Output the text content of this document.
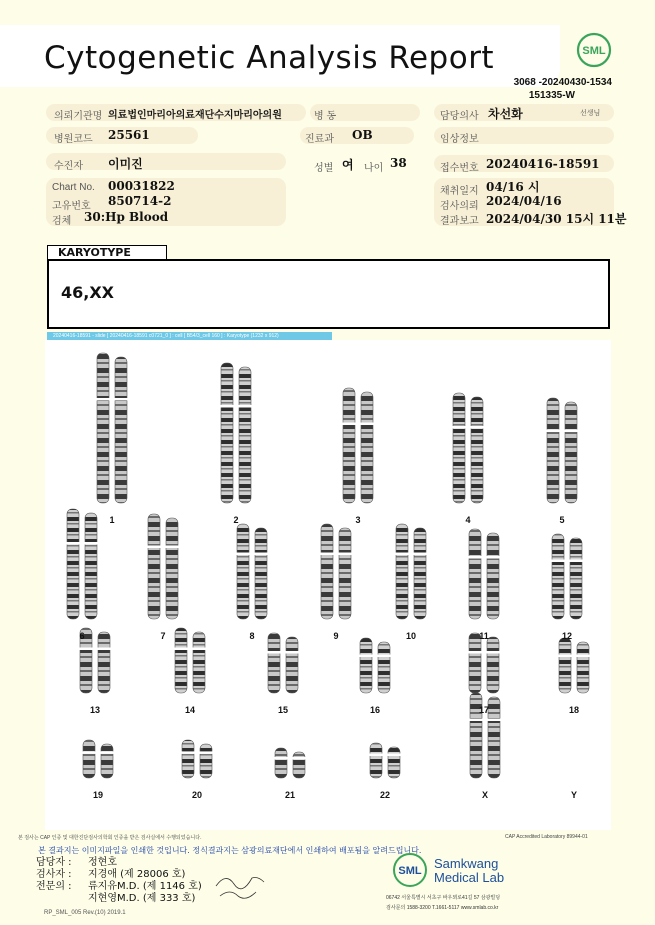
Cytogenetic Analysis Report	SML
3068 -20240430-1534
151335-W
의뢰기관명 의료법인마리아의료재단수지마리아의원	병 동	담당의사 차선화	선생님
병원코드 25561	진료과 OB	임상정보
수진자 이미진	성별 여 나이 38	접수번호 20240416-18591
Chart No. 00031822
고유번호 850714-2
검체 30:Hp Blood
채취일지 04/16 시
검사의뢰 2024/04/16
결과보고 2024/04/30 15시 11분
KARYOTYPE
46,XX
20240416-18591 - slide [ 20240416-18591 c0721_0 ] : cell [ B54/3_cell 160 ] : Karyotype (1232 x 912)
1	2	3	4	5
6	7	8	9	10	11	12
13	14	15	16	17	18
19	20	21	22	X	Y
본 검사는 CAP 인증 및 대한진단검사의학회 인증을 받은 검사실에서 수행되었습니다.	CAP Accredited Laboratory 89944-01
본 결과지는 이미지파일을 인쇄한 것입니다. 정식결과지는 삼광의료재단에서 인쇄하여 배포됨을 알려드립니다.
담당자 : 정현호
검사자 : 지경애 (제 28006 호)
전문의 : 류지유M.D. (제 1146 호)
지현영M.D. (제 333 호)
SML Samkwang
Medical Lab
06742 서울특별시 서초구 바우뫼로41길 57 삼광빌딩
검사문의 1588-3200 T.1661-5117 www.smlab.co.kr
RP_SML_005 Rev.(10) 2019.1
